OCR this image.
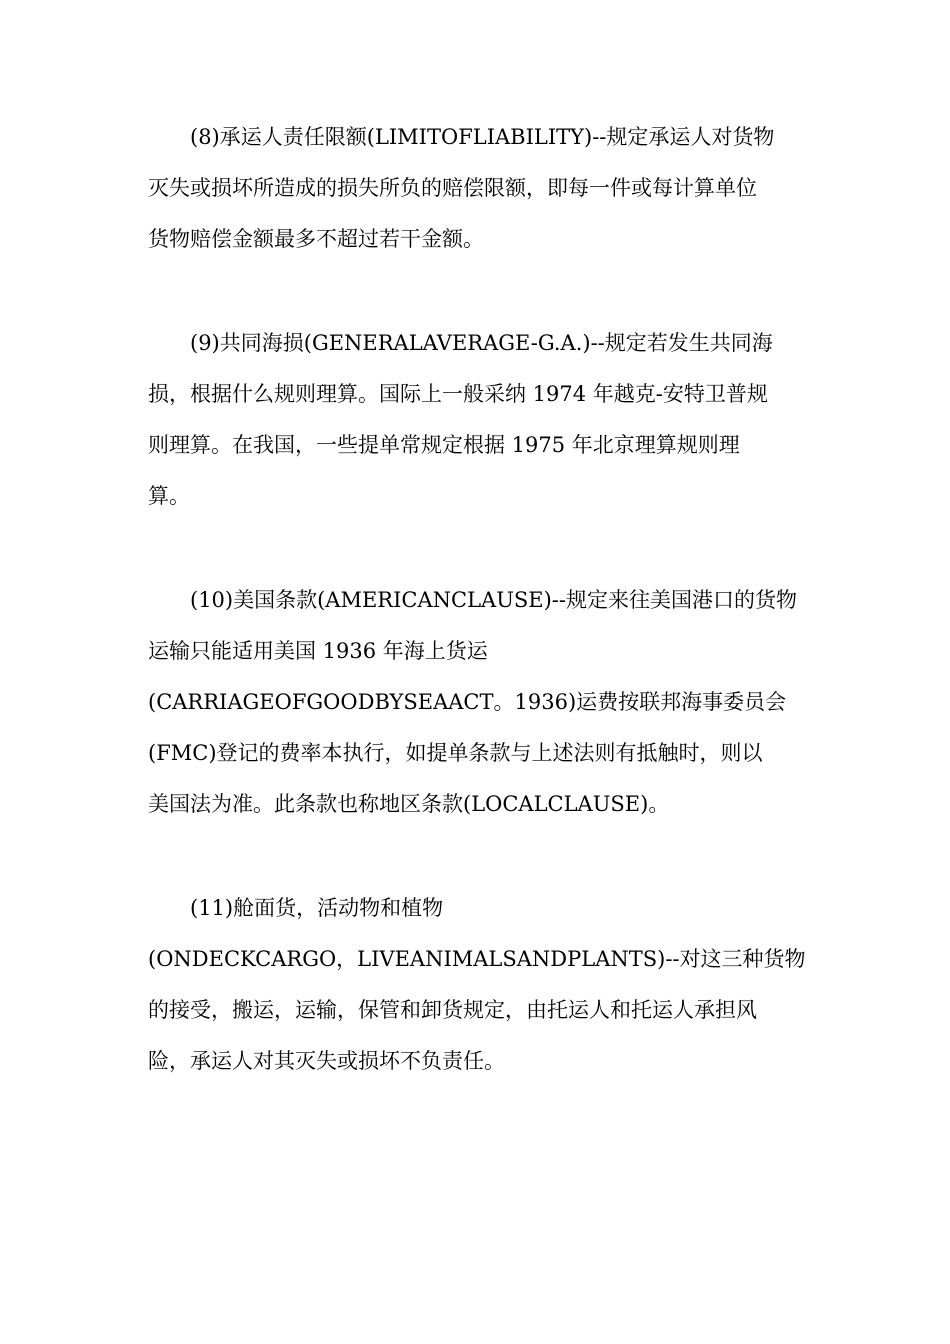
(8)承运人责任限额(LIMITOFLIABILITY)--规定承运人对货物
灭失或损坏所造成的损失所负的赔偿限额，即每一件或每计算单位
货物赔偿金额最多不超过若干金额。
(9)共同海损(GENERALAVERAGE-G.A.)--规定若发生共同海
损，根据什么规则理算。国际上一般采纳 1974 年越克-安特卫普规
则理算。在我国，一些提单常规定根据 1975 年北京理算规则理
算。
(10)美国条款(AMERICANCLAUSE)--规定来往美国港口的货物
运输只能适用美国 1936 年海上货运
(CARRIAGEOFGOODBYSEAACT。1936)运费按联邦海事委员会
(FMC)登记的费率本执行，如提单条款与上述法则有抵触时，则以
美国法为准。此条款也称地区条款(LOCALCLAUSE)。
(11)舱面货，活动物和植物
(ONDECKCARGO，LIVEANIMALSANDPLANTS)--对这三种货物
的接受，搬运，运输，保管和卸货规定，由托运人和托运人承担风
险，承运人对其灭失或损坏不负责任。
